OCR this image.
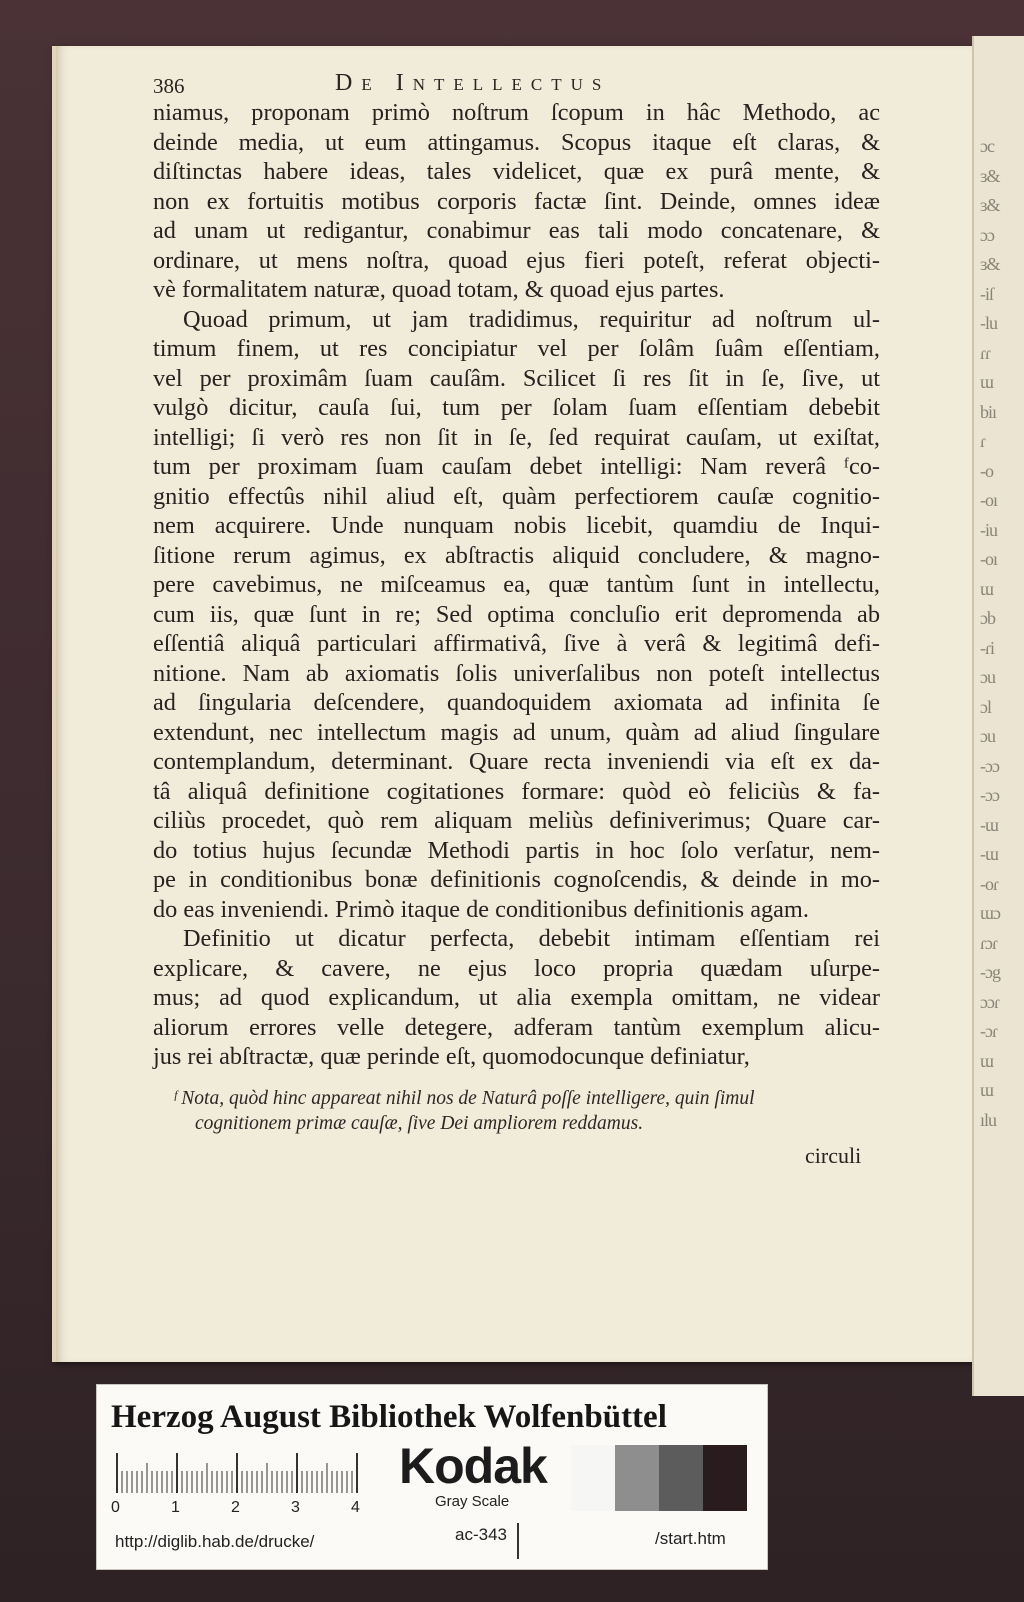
ɔc
ɜ&
ɜ&
ɔɔ
ɜ&
-iſ
-lu
ɾɾ
ɯ
biı
ɾ
-o
-oı
-iu
-oı
ɯ
ɔb
-ɾi
ɔu
ɔl
ɔu
-ɔɔ
-ɔɔ
-ɯ
-ɯ
-oɾ
ɯɔ
ɾɔɾ
-ɔg
ɔɔɾ
-ɔɾ
ɯ
ɯ
ılu
386	De Intellectus
niamus, proponam primò noſtrum ſcopum in hâc Methodo, ac
deinde media, ut eum attingamus. Scopus itaque eſt claras, &
diſtinctas habere ideas, tales videlicet, quæ ex purâ mente, &
non ex fortuitis motibus corporis factæ ſint. Deinde, omnes ideæ
ad unam ut redigantur, conabimur eas tali modo concatenare, &
ordinare, ut mens noſtra, quoad ejus fieri poteſt, referat objecti-
vè formalitatem naturæ, quoad totam, & quoad ejus partes.
Quoad primum, ut jam tradidimus, requiritur ad noſtrum ul-
timum finem, ut res concipiatur vel per ſolâm ſuâm eſſentiam,
vel per proximâm ſuam cauſâm. Scilicet ſi res ſit in ſe, ſive, ut
vulgò dicitur, cauſa ſui, tum per ſolam ſuam eſſentiam debebit
intelligi; ſi verò res non ſit in ſe, ſed requirat cauſam, ut exiſtat,
tum per proximam ſuam cauſam debet intelligi: Nam reverâ ᶠco-
gnitio effectûs nihil aliud eſt, quàm perfectiorem cauſæ cognitio-
nem acquirere. Unde nunquam nobis licebit, quamdiu de Inqui-
ſitione rerum agimus, ex abſtractis aliquid concludere, & magno-
pere cavebimus, ne miſceamus ea, quæ tantùm ſunt in intellectu,
cum iis, quæ ſunt in re; Sed optima concluſio erit depromenda ab
eſſentiâ aliquâ particulari affirmativâ, ſive à verâ & legitimâ defi-
nitione. Nam ab axiomatis ſolis univerſalibus non poteſt intellectus
ad ſingularia deſcendere, quandoquidem axiomata ad infinita ſe
extendunt, nec intellectum magis ad unum, quàm ad aliud ſingulare
contemplandum, determinant. Quare recta inveniendi via eſt ex da-
tâ aliquâ definitione cogitationes formare: quòd eò feliciùs & fa-
ciliùs procedet, quò rem aliquam meliùs definiverimus; Quare car-
do totius hujus ſecundæ Methodi partis in hoc ſolo verſatur, nem-
pe in conditionibus bonæ definitionis cognoſcendis, & deinde in mo-
do eas inveniendi. Primò itaque de conditionibus definitionis agam.
Definitio ut dicatur perfecta, debebit intimam eſſentiam rei
explicare, & cavere, ne ejus loco propria quædam uſurpe-
mus; ad quod explicandum, ut alia exempla omittam, ne videar
aliorum errores velle detegere, adferam tantùm exemplum alicu-
jus rei abſtractæ, quæ perinde eſt, quomodocunque definiatur,
ᶠ Nota, quòd hinc appareat nihil nos de Naturâ poſſe intelligere, quin ſimul
cognitionem primæ cauſæ, ſive Dei ampliorem reddamus.
circuli
Herzog August Bibliothek Wolfenbüttel
0	1	2	3	4
Kodak
Gray Scale
http://diglib.hab.de/drucke/	ac-343	/start.htm
